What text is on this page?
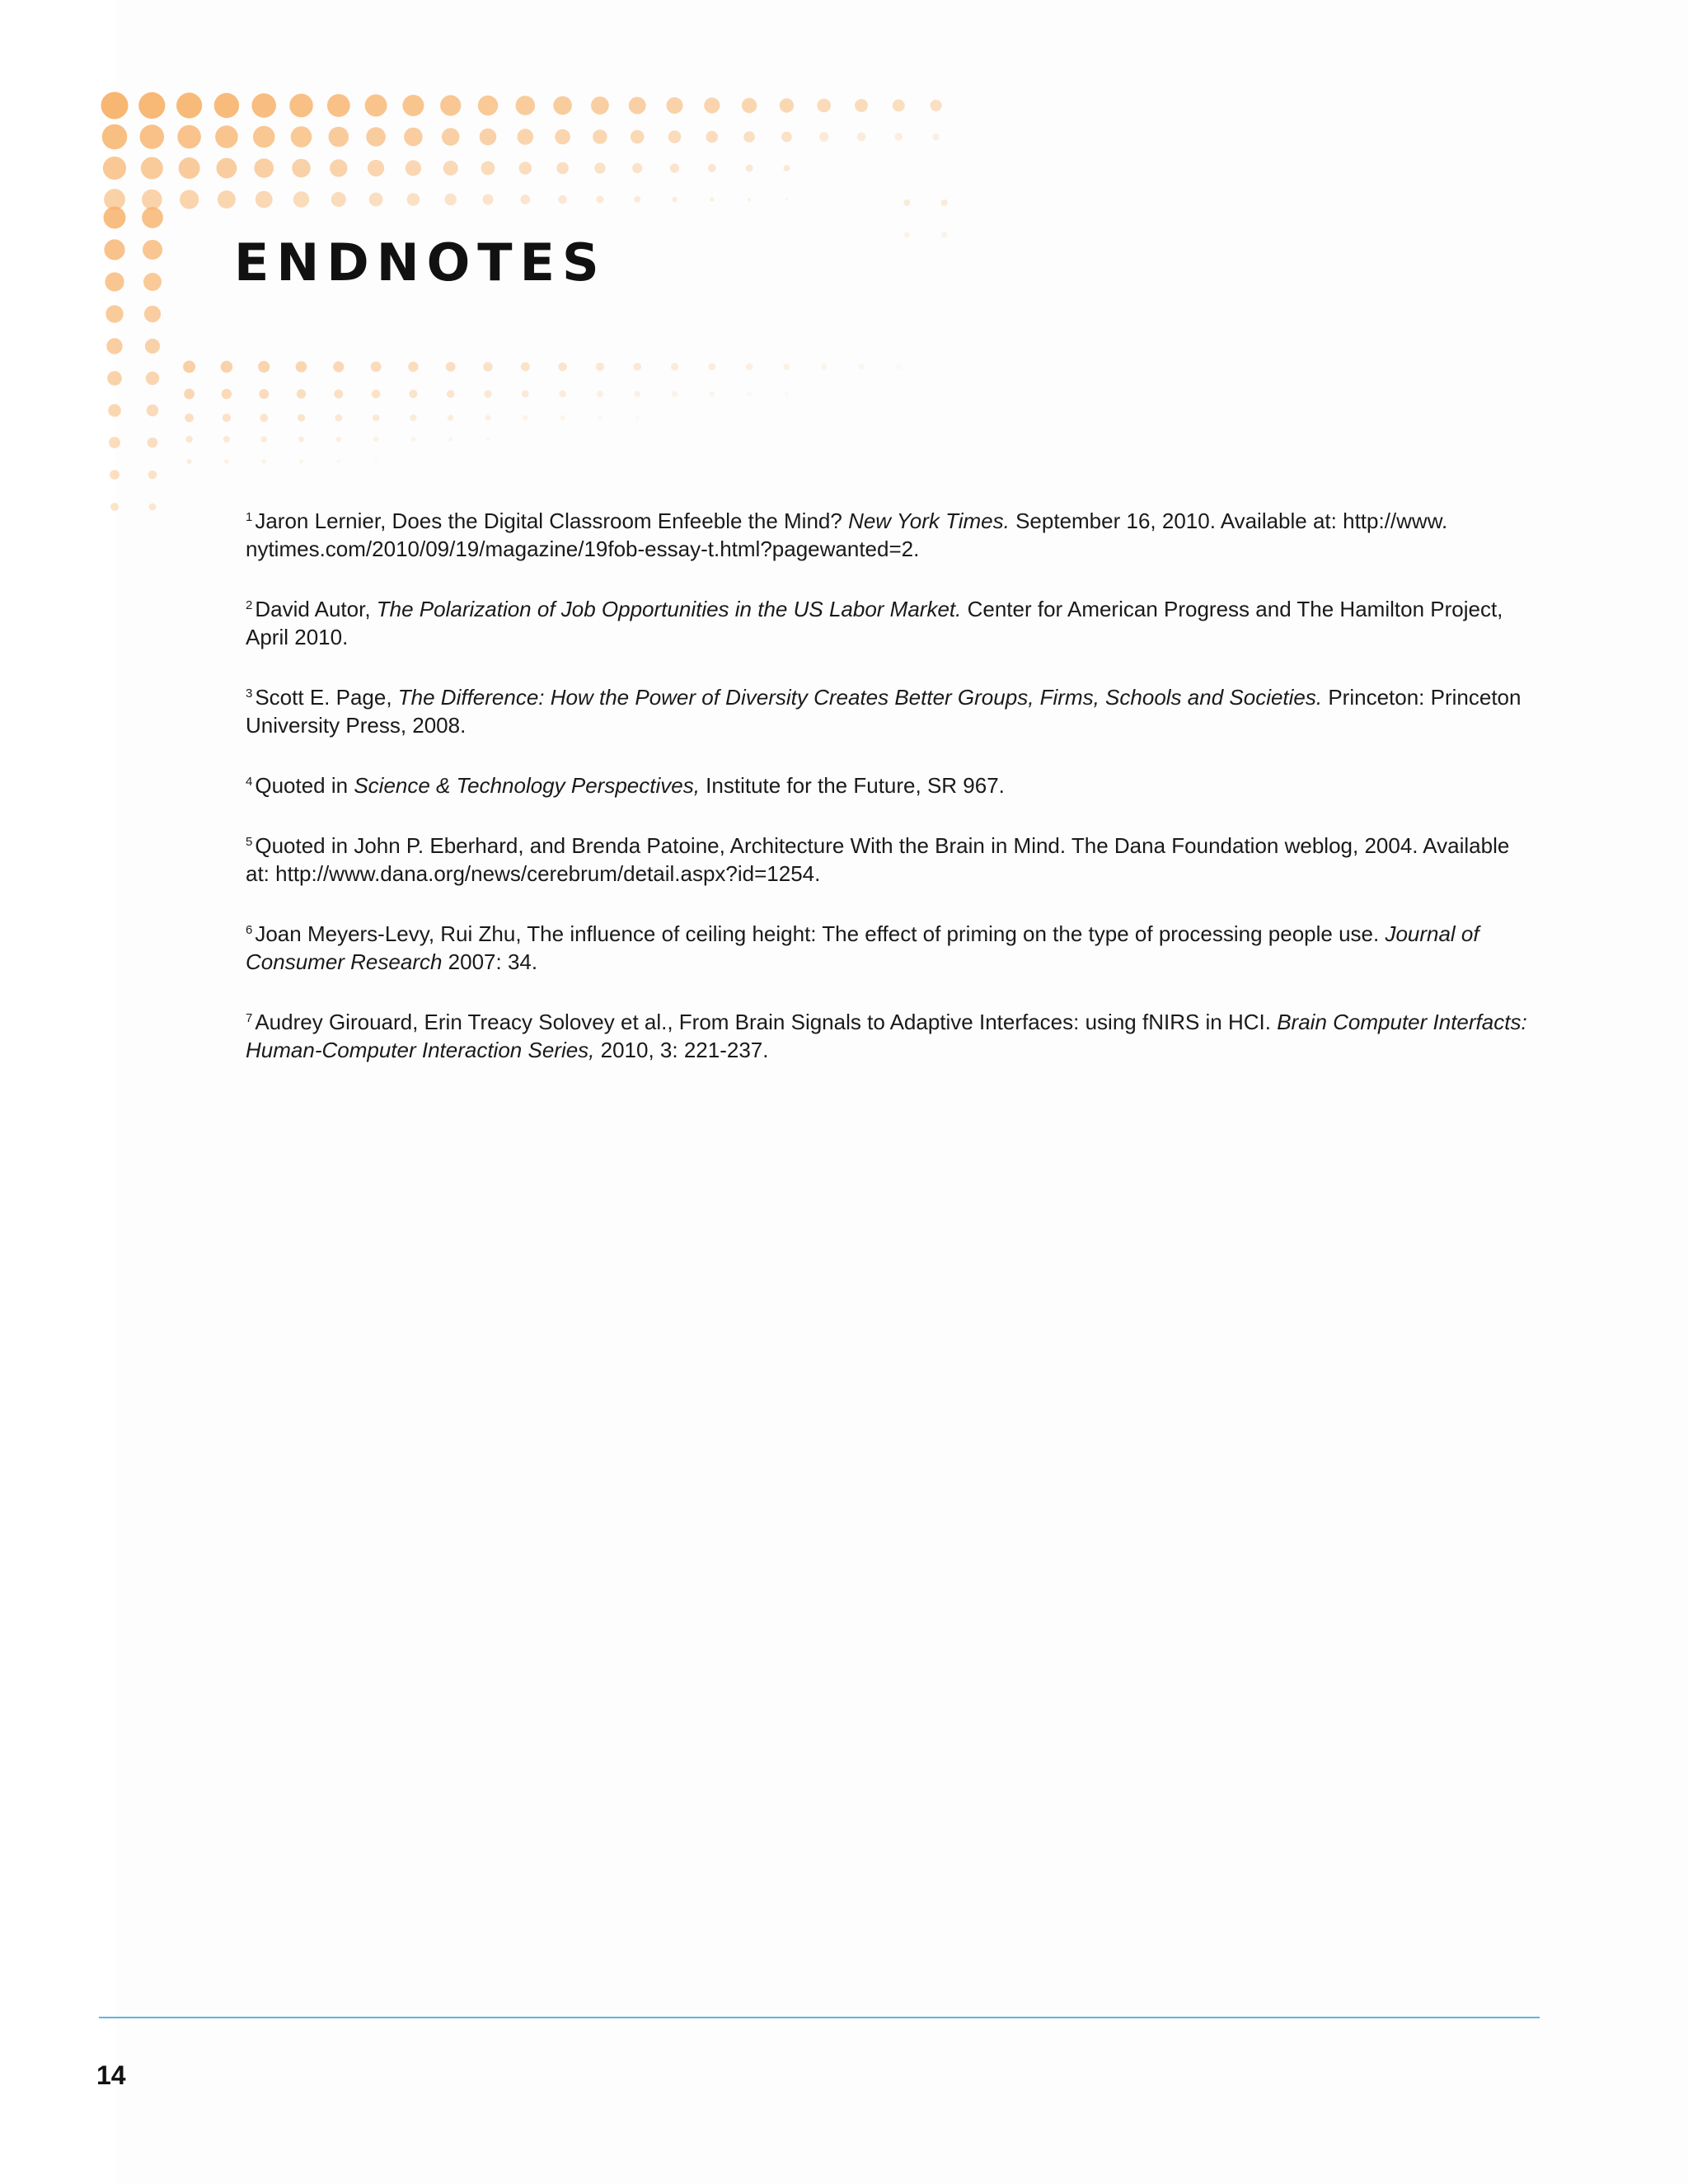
ENDNOTES
$^1$ Jaron Lernier, Does the Digital Classroom Enfeeble the Mind? New York Times. September 16, 2010. Available at: http://www. nytimes.com/2010/09/19/magazine/19fob-essay-t.html?pagewanted=2.
$^2$ David Autor, The Polarization of Job Opportunities in the US Labor Market. Center for American Progress and The Hamilton Project, April 2010.
$^3$ Scott E. Page, The Difference: How the Power of Diversity Creates Better Groups, Firms, Schools and Societies. Princeton: Princeton University Press, 2008.
$^4$ Quoted in Science & Technology Perspectives, Institute for the Future, SR 967.
$^5$ Quoted in John P. Eberhard, and Brenda Patoine, Architecture With the Brain in Mind. The Dana Foundation weblog, 2004. Available at: http://www.dana.org/news/cerebrum/detail.aspx?id=1254.
$^6$ Joan Meyers-Levy, Rui Zhu, The influence of ceiling height: The effect of priming on the type of processing people use. Journal of Consumer Research 2007: 34.
$^7$ Audrey Girouard, Erin Treacy Solovey et al., From Brain Signals to Adaptive Interfaces: using fNIRS in HCI. Brain Computer Interfacts: Human-Computer Interaction Series, 2010, 3: 221-237.
14
